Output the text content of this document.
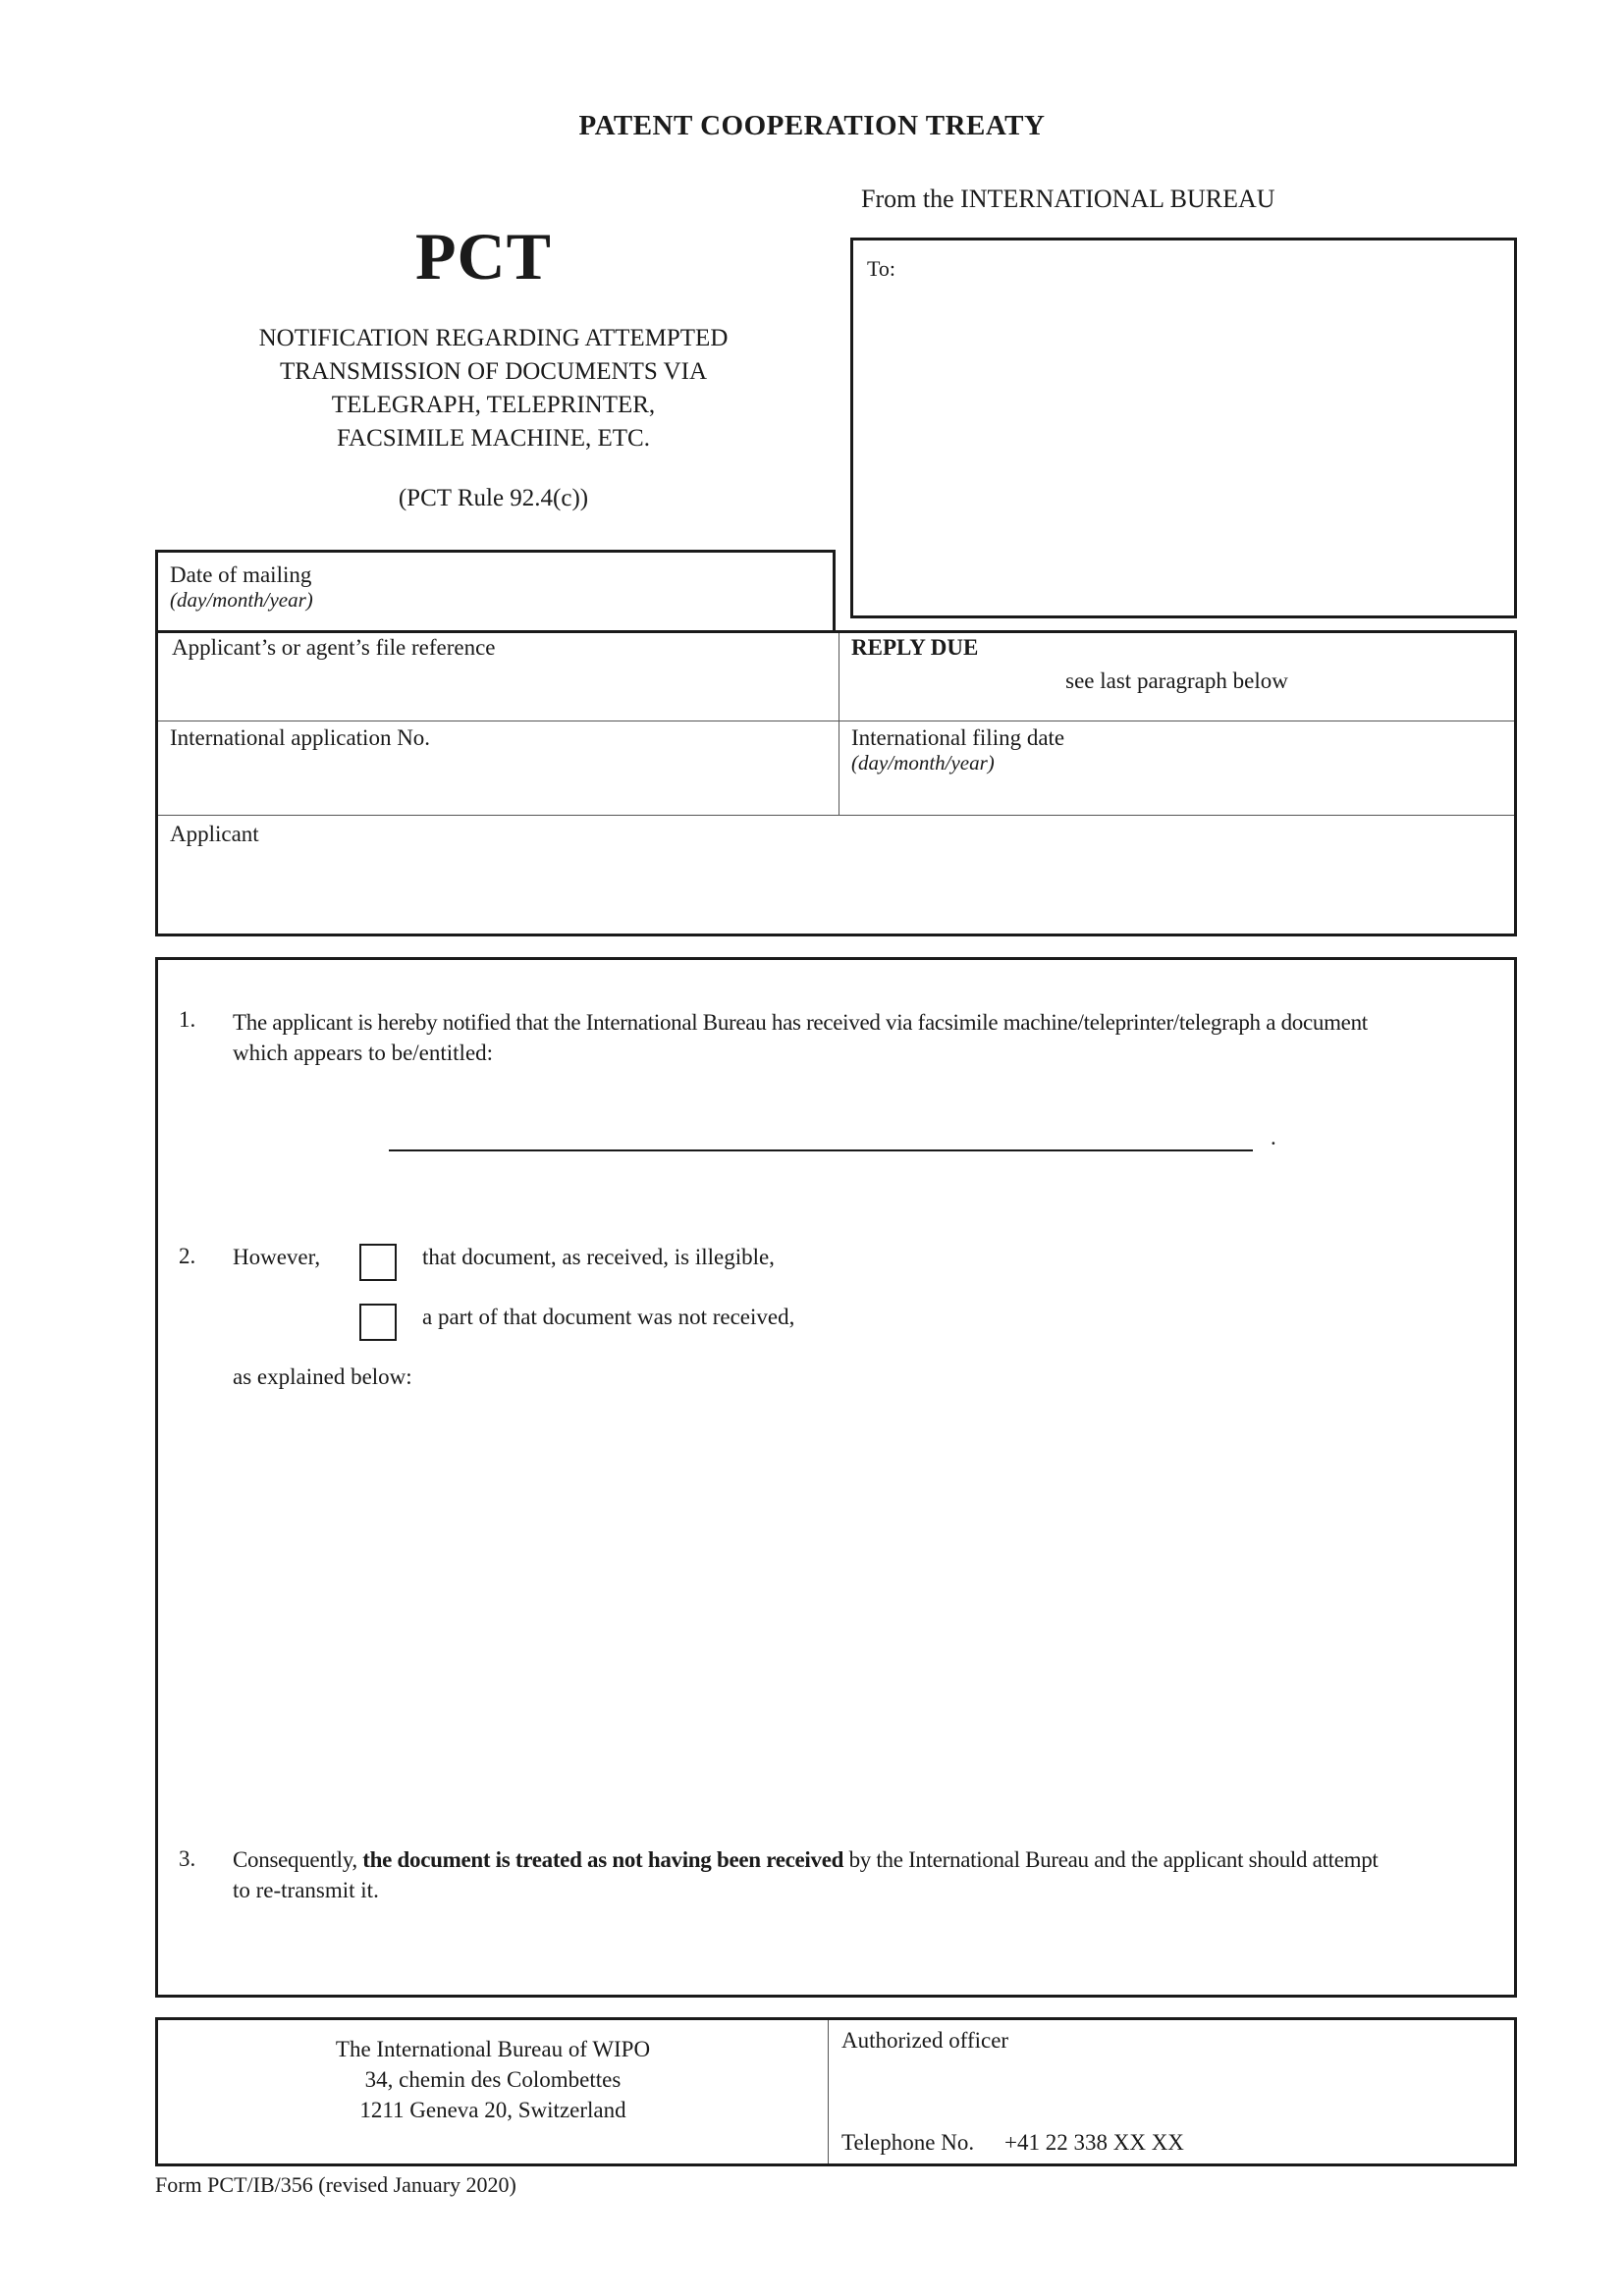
PATENT COOPERATION TREATY
From the INTERNATIONAL BUREAU
PCT
NOTIFICATION REGARDING ATTEMPTED
TRANSMISSION OF DOCUMENTS VIA
TELEGRAPH, TELEPRINTER,
FACSIMILE MACHINE, ETC.
(PCT Rule 92.4(c))
To:
Date of mailing
(day/month/year)
Applicant’s or agent’s file reference	REPLY DUE
see last paragraph below
International application No.	International filing date
(day/month/year)
Applicant
1. The applicant is hereby notified that the International Bureau has received via facsimile machine/teleprinter/telegraph a document
which appears to be/entitled:
.
2. However,	that document, as received, is illegible,
a part of that document was not received,
as explained below:
3. Consequently, the document is treated as not having been received by the International Bureau and the applicant should attempt
to re-transmit it.
The International Bureau of WIPO
34, chemin des Colombettes
1211 Geneva 20, Switzerland
Authorized officer
Telephone No. +41 22 338 XX XX
Form PCT/IB/356 (revised January 2020)
